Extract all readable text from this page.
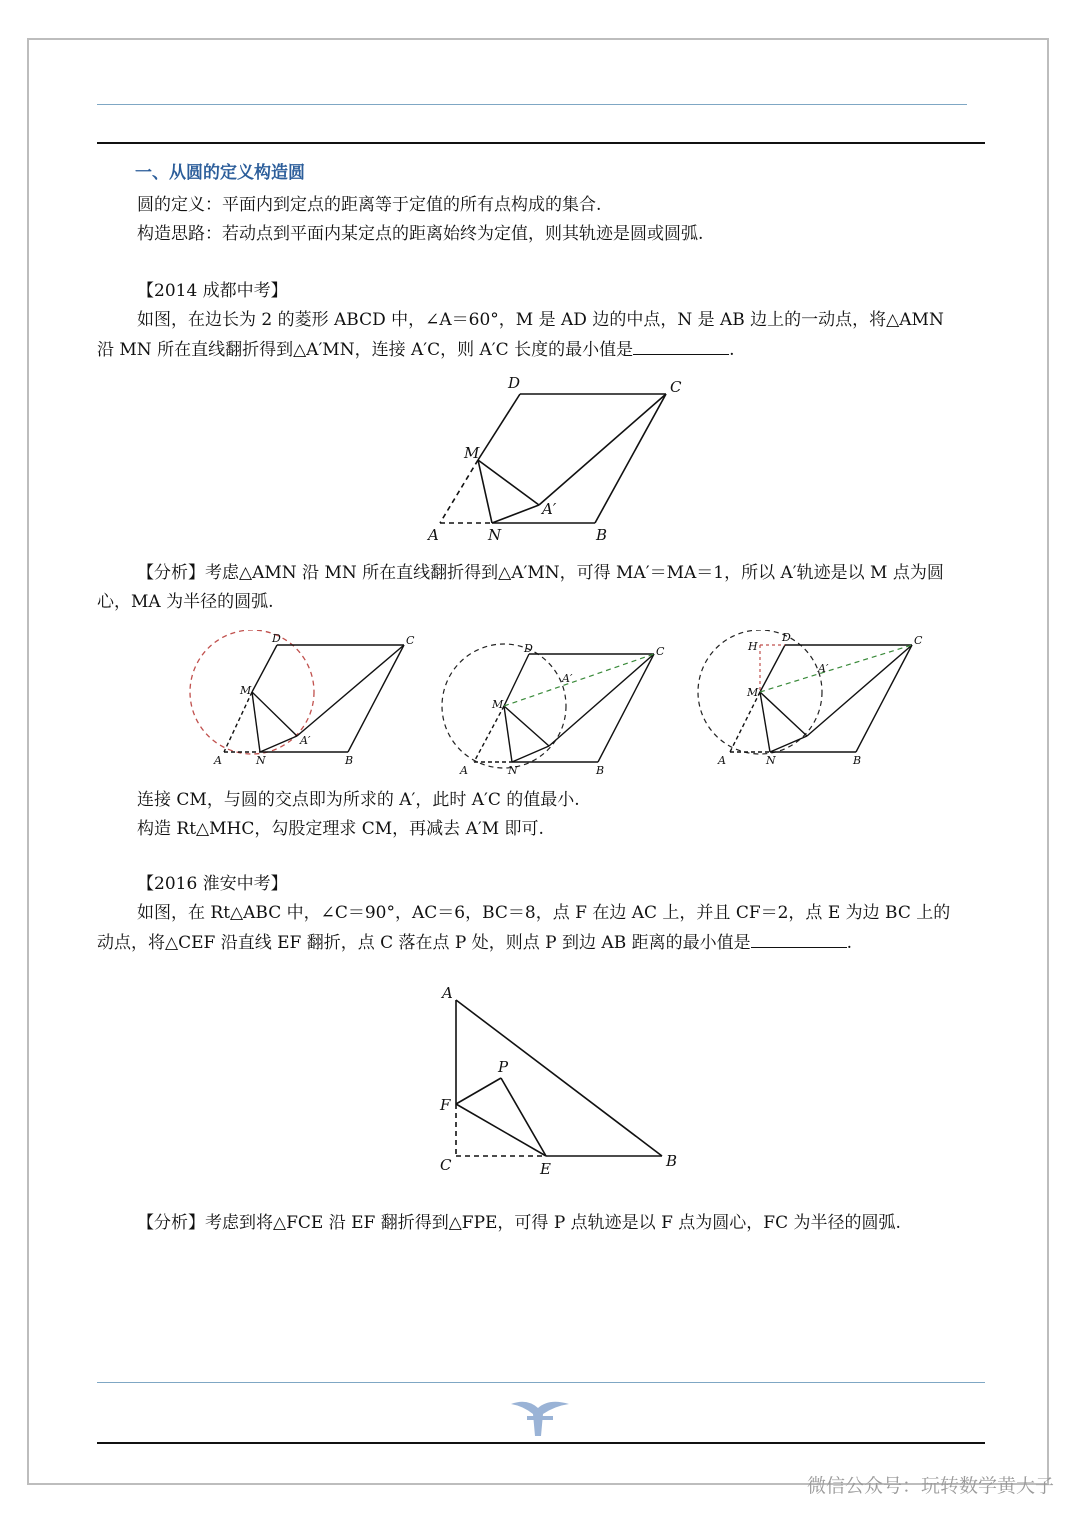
一、从圆的定义构造圆
圆的定义：平面内到定点的距离等于定值的所有点构成的集合.
构造思路：若动点到平面内某定点的距离始终为定值，则其轨迹是圆或圆弧.
【2014 成都中考】
如图，在边长为 2 的菱形 ABCD 中，∠A＝60°，M 是 AD 边的中点，N 是 AB 边上的一动点，将△AMN
沿 MN 所在直线翻折得到△A′MN，连接 A′C，则 A′C 长度的最小值是	.
D	C
M
A′
A	N	B
【分析】考虑△AMN 沿 MN 所在直线翻折得到△A′MN，可得 MA′＝MA＝1，所以 A′轨迹是以 M 点为圆
心，MA 为半径的圆弧.
D	C
M
A′
A	N	B
D	C
A′
M
A	N	B
H
D	C
A′
M
A	N	B
连接 CM，与圆的交点即为所求的 A′，此时 A′C 的值最小.
构造 Rt△MHC，勾股定理求 CM，再减去 A′M 即可.
【2016 淮安中考】
如图，在 Rt△ABC 中，∠C＝90°，AC＝6，BC＝8，点 F 在边 AC 上，并且 CF＝2，点 E 为边 BC 上的
动点，将△CEF 沿直线 EF 翻折，点 C 落在点 P 处，则点 P 到边 AB 距离的最小值是	.
A
P
F
C	E	B
【分析】考虑到将△FCE 沿 EF 翻折得到△FPE，可得 P 点轨迹是以 F 点为圆心，FC 为半径的圆弧.
微信公众号：玩转数学黄大子
